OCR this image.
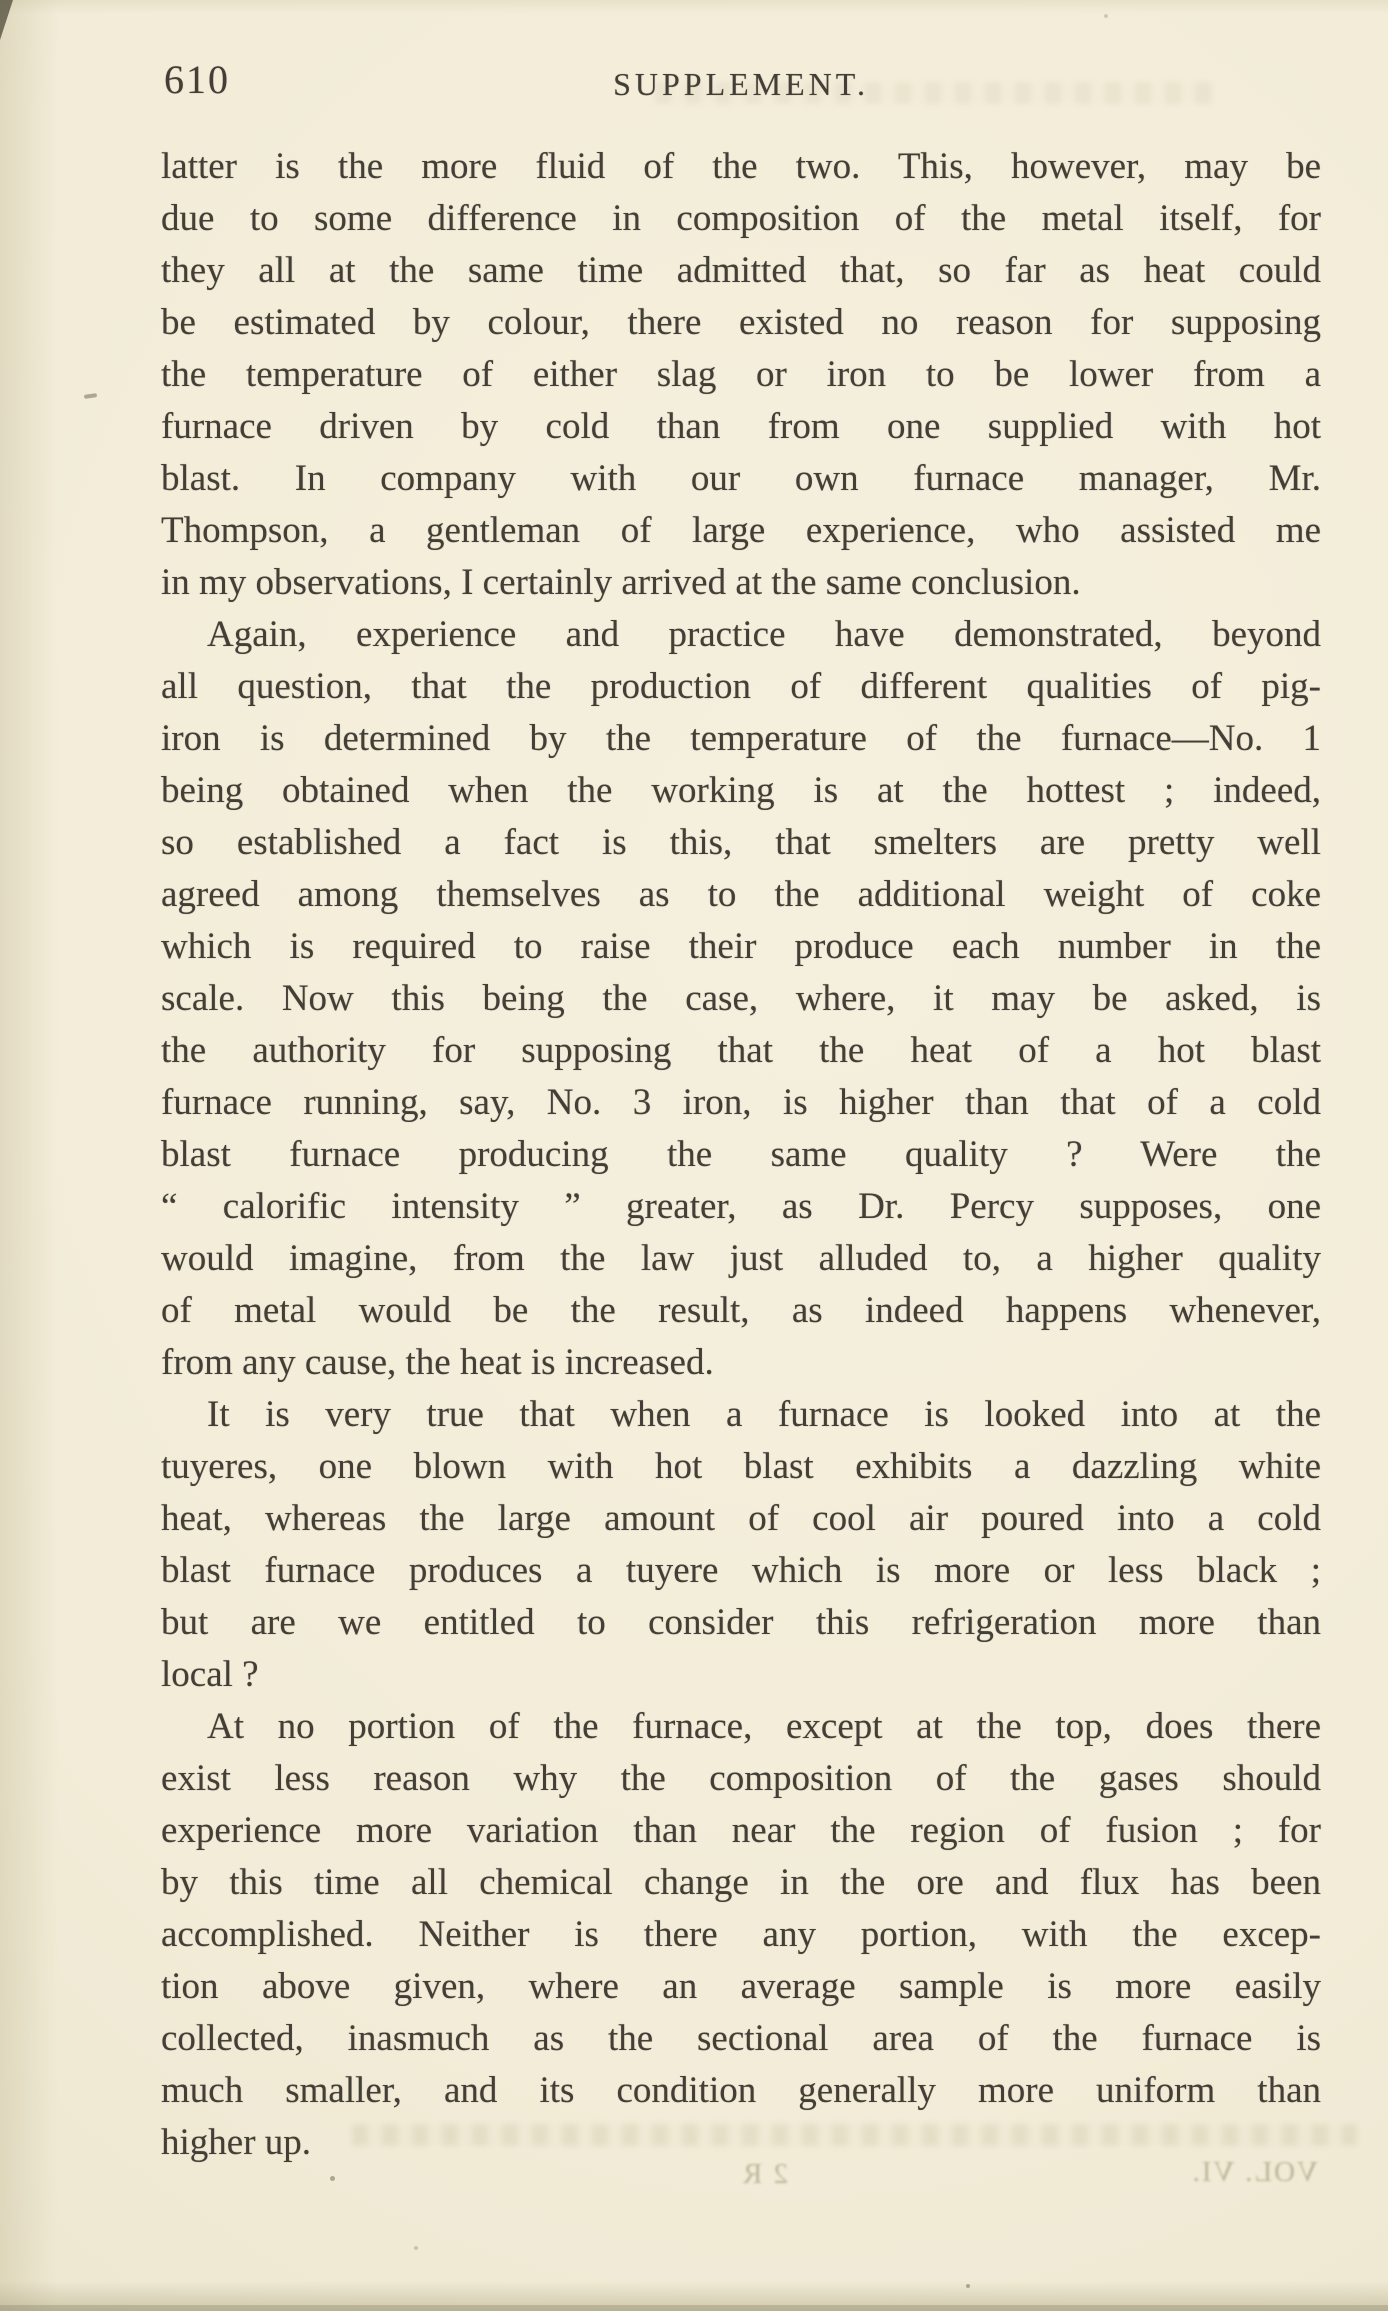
610	SUPPLEMENT.
latter is the more fluid of the two. This, however, may be
due to some difference in composition of the metal itself, for
they all at the same time admitted that, so far as heat could
be estimated by colour, there existed no reason for supposing
the temperature of either slag or iron to be lower from a
furnace driven by cold than from one supplied with hot
blast. In company with our own furnace manager, Mr.
Thompson, a gentleman of large experience, who assisted me
in my observations, I certainly arrived at the same conclusion.
Again, experience and practice have demonstrated, beyond
all question, that the production of different qualities of pig-
iron is determined by the temperature of the furnace—No. 1
being obtained when the working is at the hottest ; indeed,
so established a fact is this, that smelters are pretty well
agreed among themselves as to the additional weight of coke
which is required to raise their produce each number in the
scale. Now this being the case, where, it may be asked, is
the authority for supposing that the heat of a hot blast
furnace running, say, No. 3 iron, is higher than that of a cold
blast furnace producing the same quality ? Were the
“ calorific intensity ” greater, as Dr. Percy supposes, one
would imagine, from the law just alluded to, a higher quality
of metal would be the result, as indeed happens whenever,
from any cause, the heat is increased.
It is very true that when a furnace is looked into at the
tuyeres, one blown with hot blast exhibits a dazzling white
heat, whereas the large amount of cool air poured into a cold
blast furnace produces a tuyere which is more or less black ;
but are we entitled to consider this refrigeration more than
local ?
At no portion of the furnace, except at the top, does there
exist less reason why the composition of the gases should
experience more variation than near the region of fusion ; for
by this time all chemical change in the ore and flux has been
accomplished. Neither is there any portion, with the excep-
tion above given, where an average sample is more easily
collected, inasmuch as the sectional area of the furnace is
much smaller, and its condition generally more uniform than
higher up.
VOL. VI.
2 R
